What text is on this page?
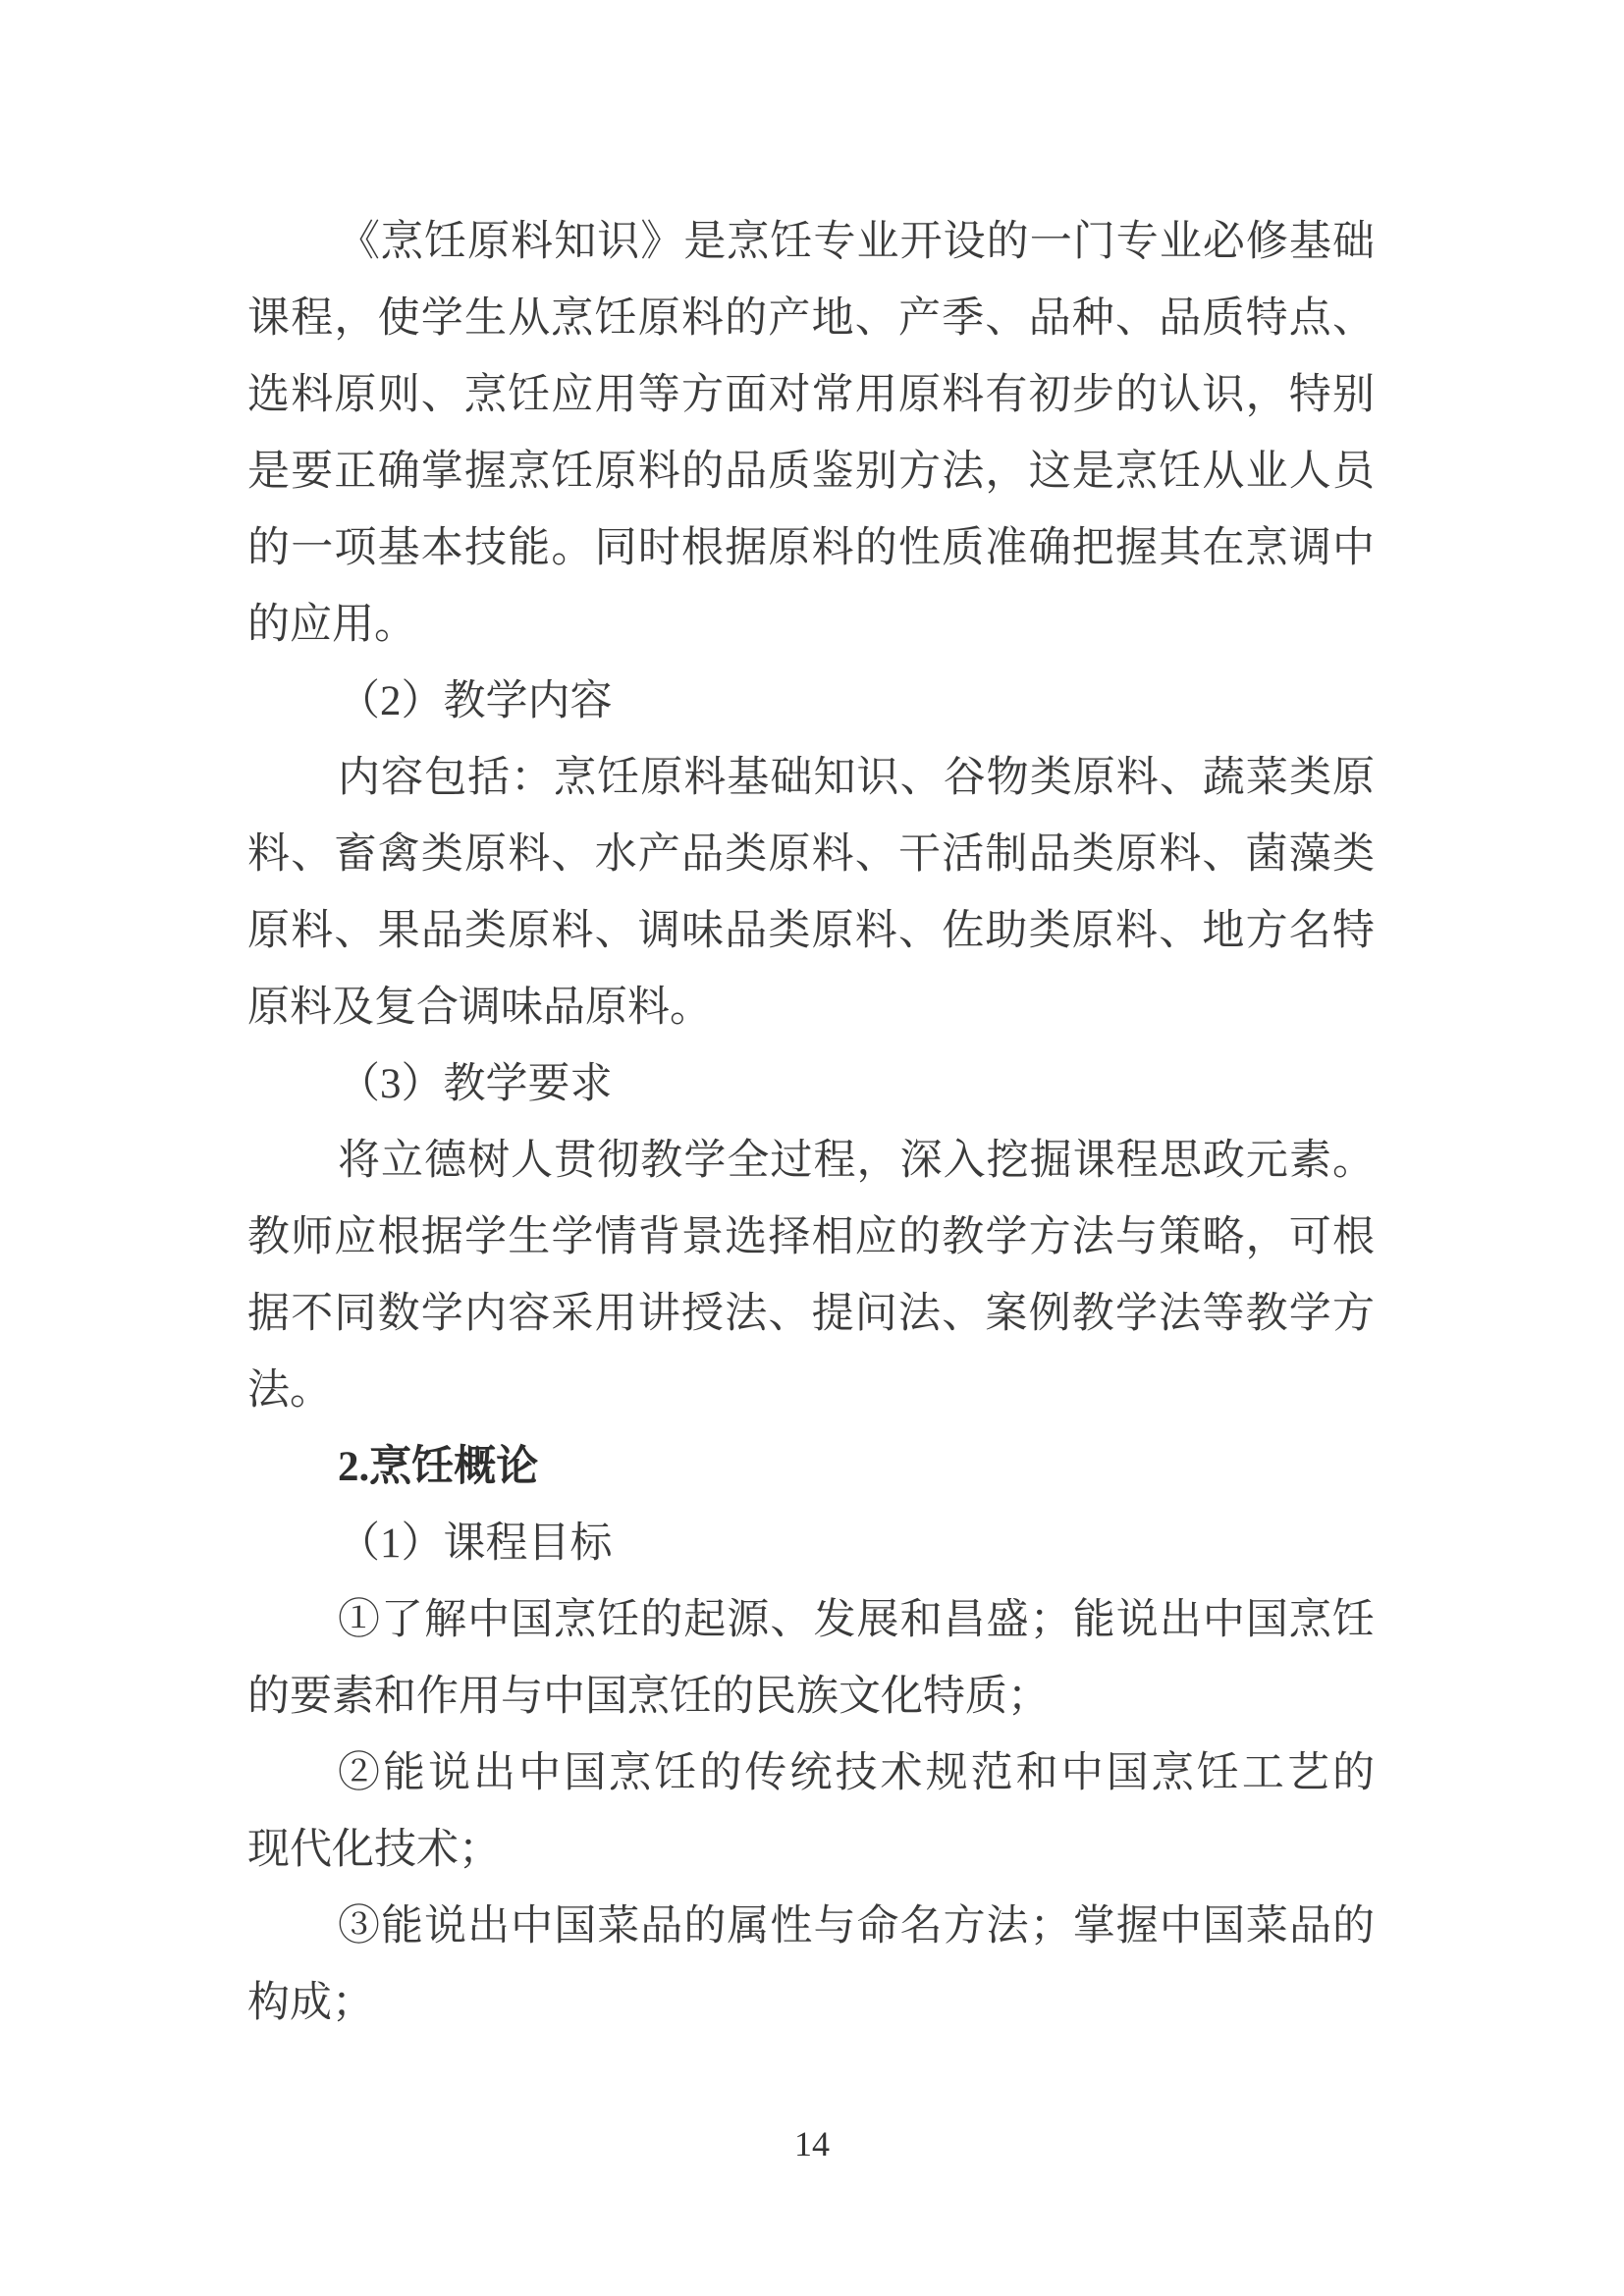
《烹饪原料知识》是烹饪专业开设的一门专业必修基础
课程，使学生从烹饪原料的产地、产季、品种、品质特点、
选料原则、烹饪应用等方面对常用原料有初步的认识，特别
是要正确掌握烹饪原料的品质鉴别方法，这是烹饪从业人员
的一项基本技能。同时根据原料的性质准确把握其在烹调中
的应用。
（2）教学内容
内容包括：烹饪原料基础知识、谷物类原料、蔬菜类原
料、畜禽类原料、水产品类原料、干活制品类原料、菌藻类
原料、果品类原料、调味品类原料、佐助类原料、地方名特
原料及复合调味品原料。
（3）教学要求
将立德树人贯彻教学全过程，深入挖掘课程思政元素。
教师应根据学生学情背景选择相应的教学方法与策略，可根
据不同数学内容采用讲授法、提问法、案例教学法等教学方
法。
2.烹饪概论
（1）课程目标
①了解中国烹饪的起源、发展和昌盛；能说出中国烹饪
的要素和作用与中国烹饪的民族文化特质；
②能说出中国烹饪的传统技术规范和中国烹饪工艺的
现代化技术；
③能说出中国菜品的属性与命名方法；掌握中国菜品的
构成；
14
